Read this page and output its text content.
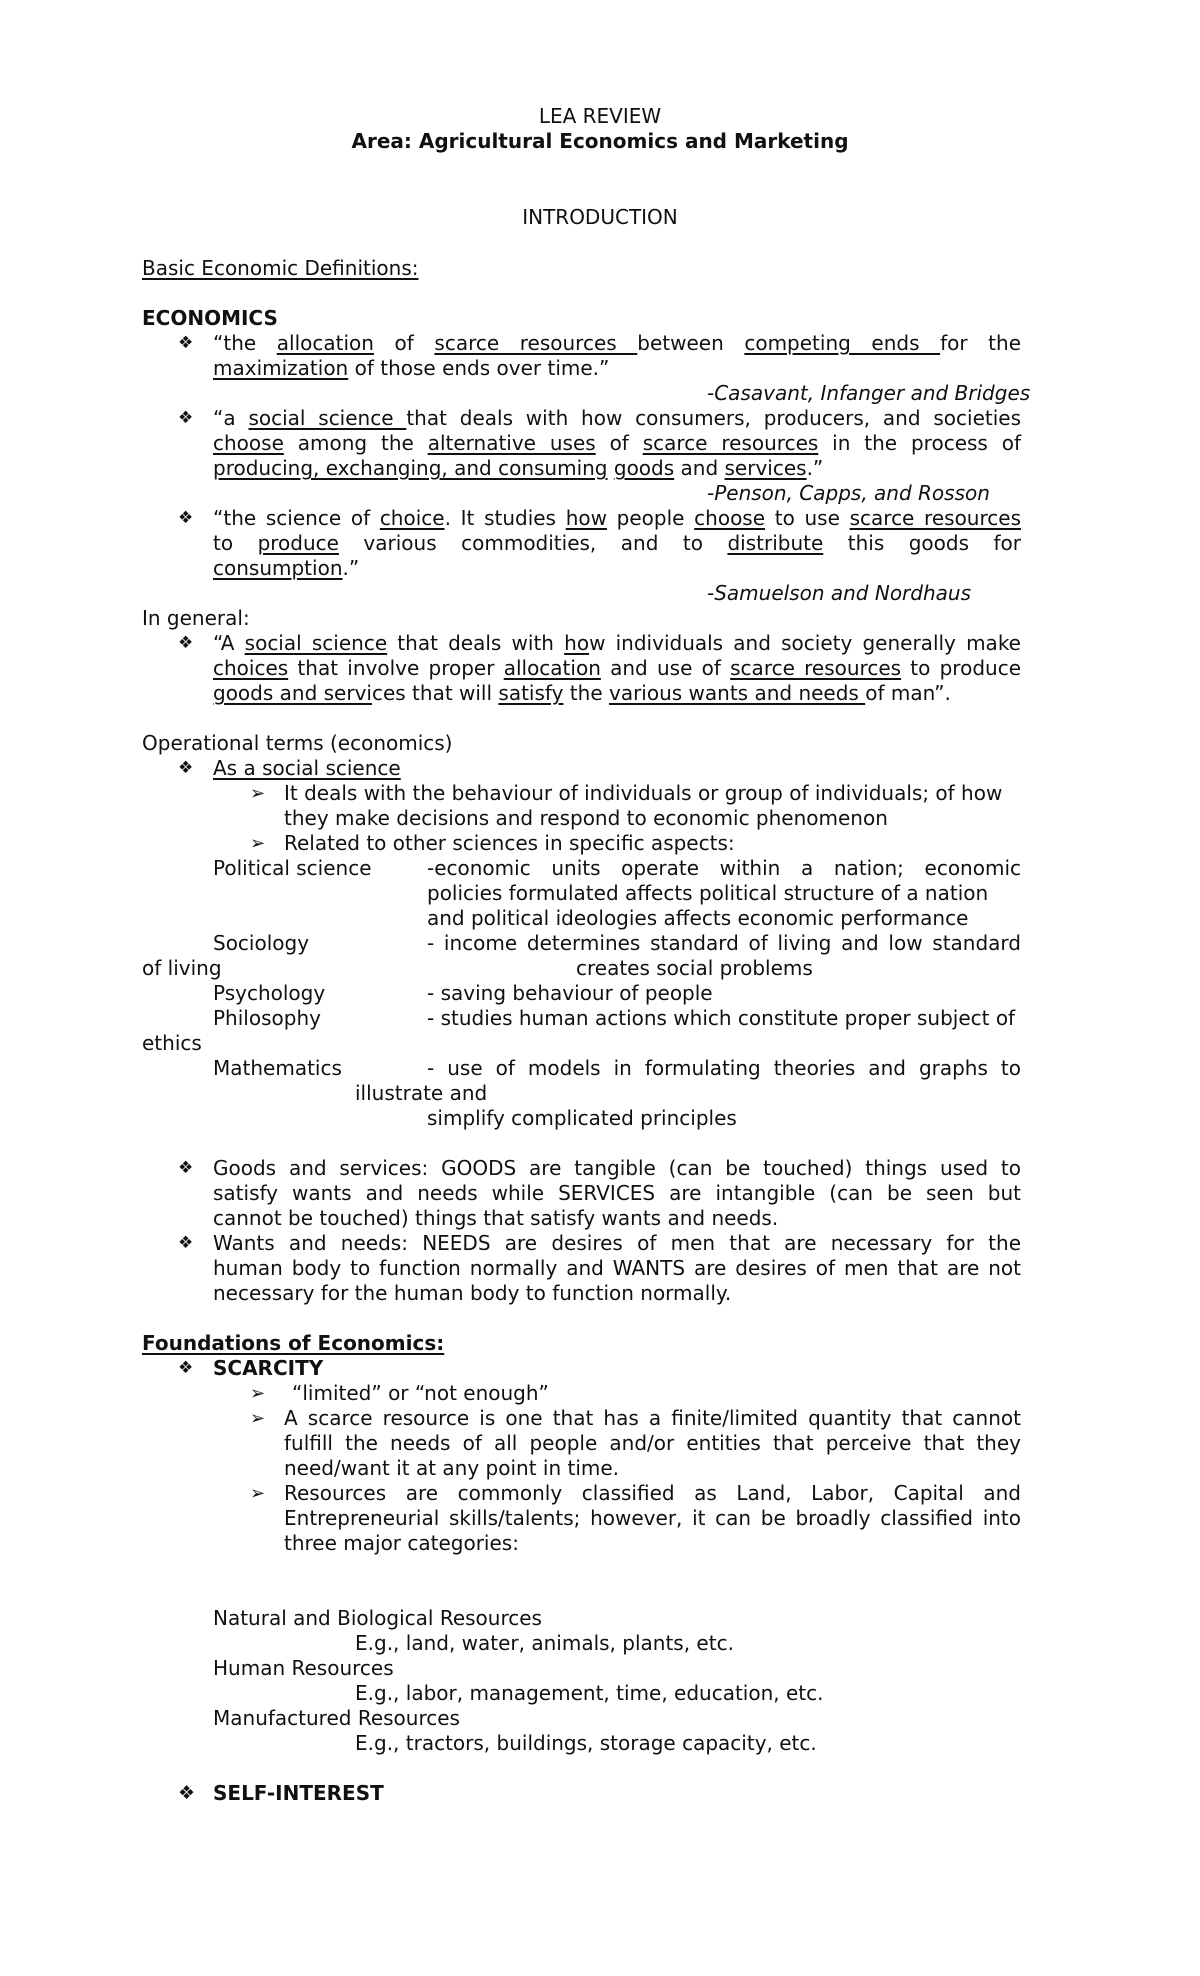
LEA REVIEW
Area: Agricultural Economics and Marketing
INTRODUCTION
Basic Economic Definitions:
ECONOMICS
❖ “the allocation of scarce resources between competing ends for the
maximization of those ends over time.”
-Casavant, Infanger and Bridges
❖ “a social science that deals with how consumers, producers, and societies
choose among the alternative uses of scarce resources in the process of
producing, exchanging, and consuming goods and services.”
-Penson, Capps, and Rosson
❖ “the science of choice. It studies how people choose to use scarce resources
to produce various commodities, and to distribute this goods for
consumption.”
-Samuelson and Nordhaus
In general:
❖ “A social science that deals with how individuals and society generally make
choices that involve proper allocation and use of scarce resources to produce
goods and services that will satisfy the various wants and needs of man”.
Operational terms (economics)
❖ As a social science
➢ It deals with the behaviour of individuals or group of individuals; of how
they make decisions and respond to economic phenomenon
➢ Related to other sciences in specific aspects:
Political science	-economic units operate within a nation; economic
policies formulated affects political structure of a nation
and political ideologies affects economic performance
Sociology	- income determines standard of living and low standard
of living	creates social problems
Psychology	- saving behaviour of people
Philosophy	- studies human actions which constitute proper subject of
ethics
Mathematics	- use of models in formulating theories and graphs to
illustrate and
simplify complicated principles
❖ Goods and services: GOODS are tangible (can be touched) things used to
satisfy wants and needs while SERVICES are intangible (can be seen but
cannot be touched) things that satisfy wants and needs.
❖ Wants and needs: NEEDS are desires of men that are necessary for the
human body to function normally and WANTS are desires of men that are not
necessary for the human body to function normally.
Foundations of Economics:
❖ SCARCITY
➢ “limited” or “not enough”
➢ A scarce resource is one that has a finite/limited quantity that cannot
fulfill the needs of all people and/or entities that perceive that they
need/want it at any point in time.
➢ Resources are commonly classified as Land, Labor, Capital and
Entrepreneurial skills/talents; however, it can be broadly classified into
three major categories:
Natural and Biological Resources
E.g., land, water, animals, plants, etc.
Human Resources
E.g., labor, management, time, education, etc.
Manufactured Resources
E.g., tractors, buildings, storage capacity, etc.
❖ SELF-INTEREST
